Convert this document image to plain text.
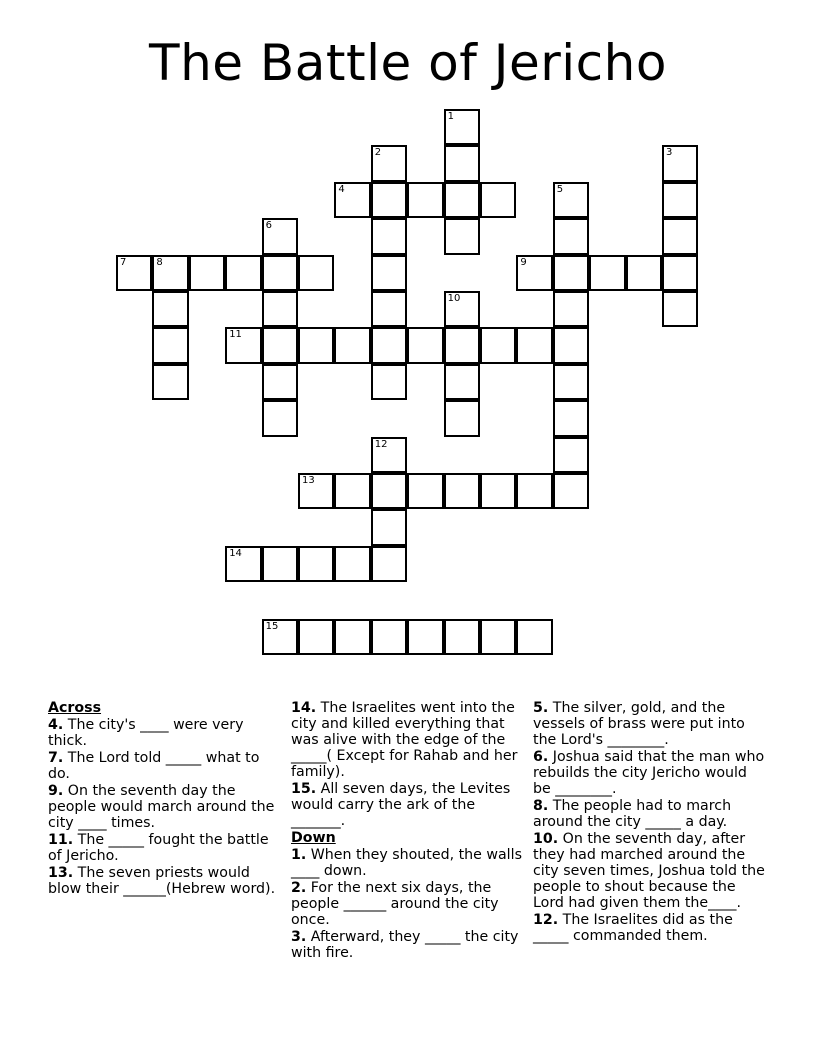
The Battle of Jericho
1
2	3
4	5
6
7	8	9
10
11
12
13
14
15
Across
4. The city's ____ were very thick.
7. The Lord told _____ what to do.
9. On the seventh day the people would march around the city ____ times.
11. The _____ fought the battle of Jericho.
13. The seven priests would blow their ______(Hebrew word).
14. The Israelites went into the city and killed everything that was alive with the edge of the _____( Except for Rahab and her family).
15. All seven days, the Levites would carry the ark of the _______.
Down
1. When they shouted, the walls ____ down.
2. For the next six days, the people ______ around the city once.
3. Afterward, they _____ the city with fire.
5. The silver, gold, and the vessels of brass were put into the Lord's ________.
6. Joshua said that the man who rebuilds the city Jericho would be ________.
8. The people had to march around the city _____ a day.
10. On the seventh day, after they had marched around the city seven times, Joshua told the people to shout because the Lord had given them the____.
12. The Israelites did as the _____ commanded them.
